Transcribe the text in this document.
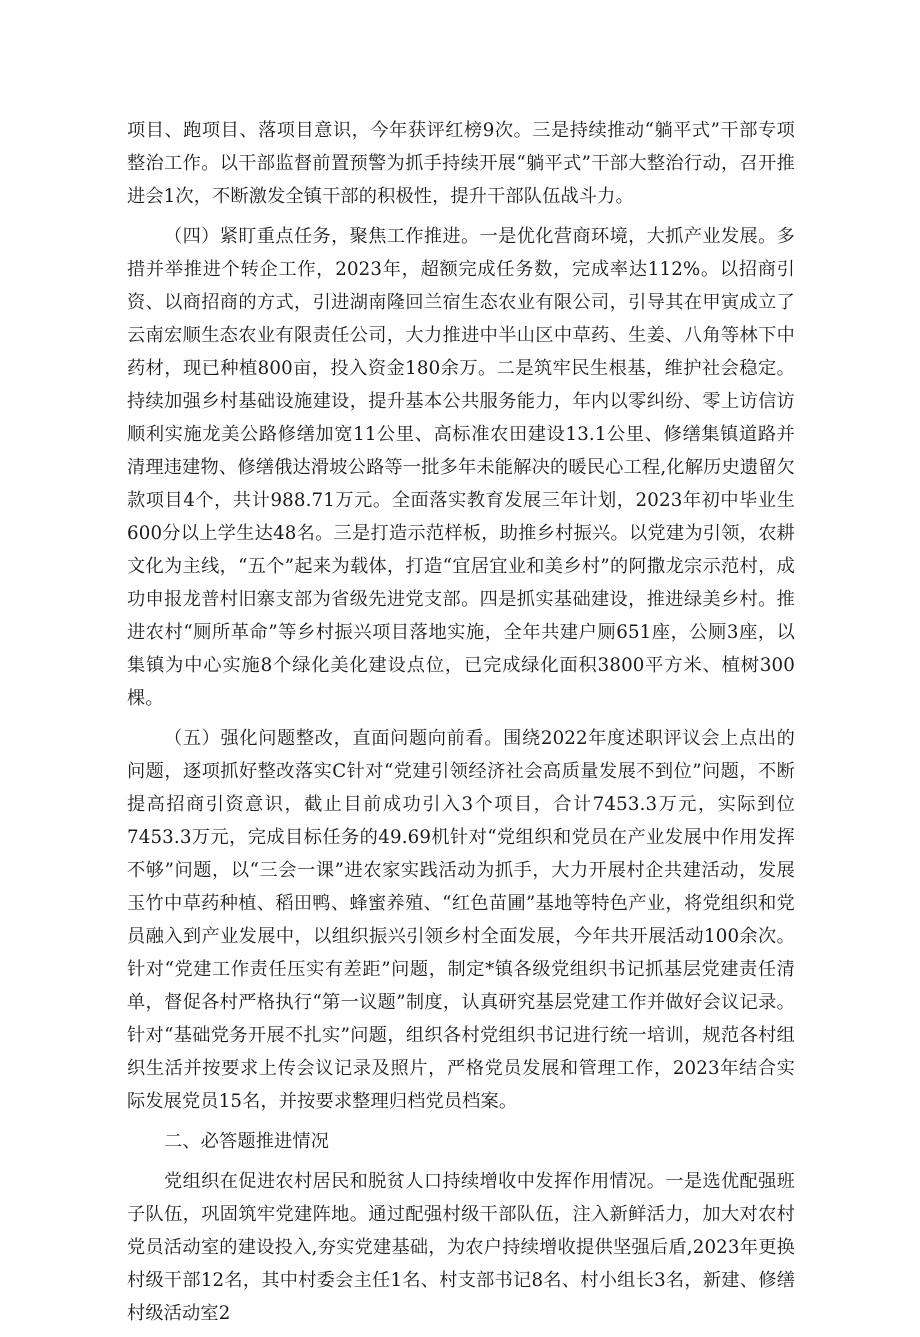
项目、跑项目、落项目意识，今年获评红榜9次。三是持续推动“躺平式”干部专项整治工作。以干部监督前置预警为抓手持续开展“躺平式”干部大整治行动，召开推进会1次，不断激发全镇干部的积极性，提升干部队伍战斗力。

（四）紧盯重点任务，聚焦工作推进。一是优化营商环境，大抓产业发展。多措并举推进个转企工作，2023年，超额完成任务数，完成率达112%。以招商引资、以商招商的方式，引进湖南隆回兰宿生态农业有限公司，引导其在甲寅成立了云南宏顺生态农业有限责任公司，大力推进中半山区中草药、生姜、八角等林下中药材，现已种植800亩，投入资金180余万。二是筑牢民生根基，维护社会稳定。持续加强乡村基础设施建设，提升基本公共服务能力，年内以零纠纷、零上访信访顺利实施龙美公路修缮加宽11公里、高标准农田建设13.1公里、修缮集镇道路并清理违建物、修缮俄达滑坡公路等一批多年未能解决的暖民心工程,化解历史遗留欠款项目4个，共计988.71万元。全面落实教育发展三年计划，2023年初中毕业生600分以上学生达48名。三是打造示范样板，助推乡村振兴。以党建为引领，农耕文化为主线，“五个”起来为载体，打造“宜居宜业和美乡村”的阿撒龙宗示范村，成功申报龙普村旧寨支部为省级先进党支部。四是抓实基础建设，推进绿美乡村。推进农村“厕所革命”等乡村振兴项目落地实施，全年共建户厕651座，公厕3座，以集镇为中心实施8个绿化美化建设点位，已完成绿化面积3800平方米、植树300棵。

（五）强化问题整改，直面问题向前看。围绕2022年度述职评议会上点出的问题，逐项抓好整改落实C针对“党建引领经济社会高质量发展不到位”问题，不断提高招商引资意识，截止目前成功引入3个项目，合计7453.3万元，实际到位7453.3万元，完成目标任务的49.69机针对“党组织和党员在产业发展中作用发挥不够”问题，以“三会一课”进农家实践活动为抓手，大力开展村企共建活动，发展玉竹中草药种植、稻田鸭、蜂蜜养殖、“红色苗圃”基地等特色产业，将党组织和党员融入到产业发展中，以组织振兴引领乡村全面发展，今年共开展活动100余次。针对“党建工作责任压实有差距”问题，制定*镇各级党组织书记抓基层党建责任清单，督促各村严格执行“第一议题”制度，认真研究基层党建工作并做好会议记录。针对“基础党务开展不扎实”问题，组织各村党组织书记进行统一培训，规范各村组织生活并按要求上传会议记录及照片，严格党员发展和管理工作，2023年结合实际发展党员15名，并按要求整理归档党员档案。

二、必答题推进情况

党组织在促进农村居民和脱贫人口持续增收中发挥作用情况。一是选优配强班子队伍，巩固筑牢党建阵地。通过配强村级干部队伍，注入新鲜活力，加大对农村党员活动室的建设投入,夯实党建基础，为农户持续增收提供坚强后盾,2023年更换村级干部12名，其中村委会主任1名、村支部书记8名、村小组长3名，新建、修缮村级活动室2
